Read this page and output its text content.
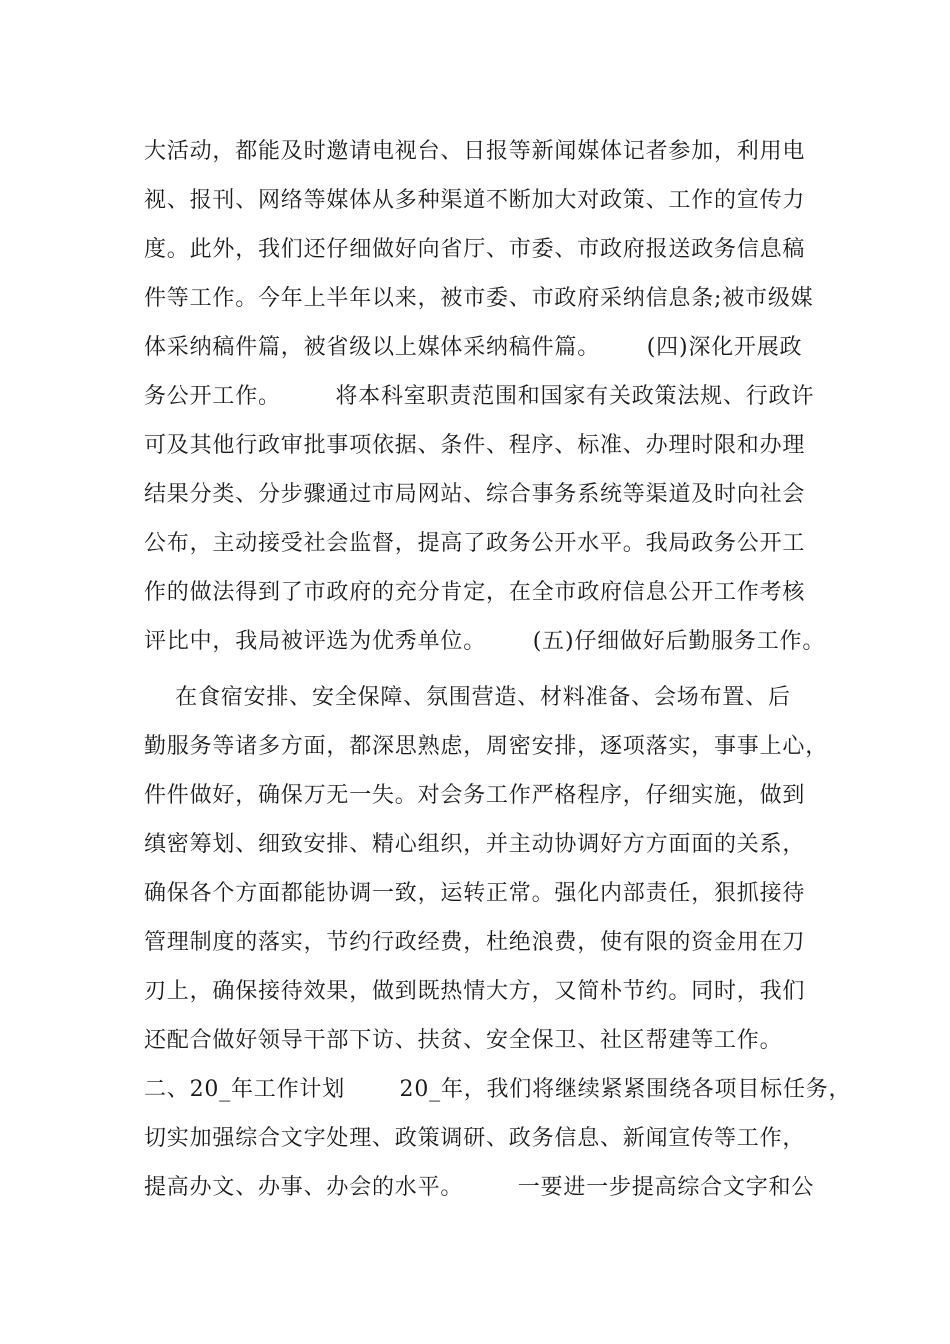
大活动，都能及时邀请电视台、日报等新闻媒体记者参加，利用电
视、报刊、网络等媒体从多种渠道不断加大对政策、工作的宣传力
度。此外，我们还仔细做好向省厅、市委、市政府报送政务信息稿
件等工作。今年上半年以来，被市委、市政府采纳信息条;被市级媒
体采纳稿件篇，被省级以上媒体采纳稿件篇。      (四)深化开展政
务公开工作。       将本科室职责范围和国家有关政策法规、行政许
可及其他行政审批事项依据、条件、程序、标准、办理时限和办理
结果分类、分步骤通过市局网站、综合事务系统等渠道及时向社会
公布，主动接受社会监督，提高了政务公开水平。我局政务公开工
作的做法得到了市政府的充分肯定，在全市政府信息公开工作考核
评比中，我局被评选为优秀单位。      (五)仔细做好后勤服务工作。
在食宿安排、安全保障、氛围营造、材料准备、会场布置、后
勤服务等诸多方面，都深思熟虑，周密安排，逐项落实，事事上心，
件件做好，确保万无一失。对会务工作严格程序，仔细实施，做到
缜密筹划、细致安排、精心组织，并主动协调好方方面面的关系，
确保各个方面都能协调一致，运转正常。强化内部责任，狠抓接待
管理制度的落实，节约行政经费，杜绝浪费，使有限的资金用在刀
刃上，确保接待效果，做到既热情大方，又简朴节约。同时，我们
还配合做好领导干部下访、扶贫、安全保卫、社区帮建等工作。
二、20_年工作计划       20_年，我们将继续紧紧围绕各项目标任务，
切实加强综合文字处理、政策调研、政务信息、新闻宣传等工作，
提高办文、办事、办会的水平。       一要进一步提高综合文字和公
